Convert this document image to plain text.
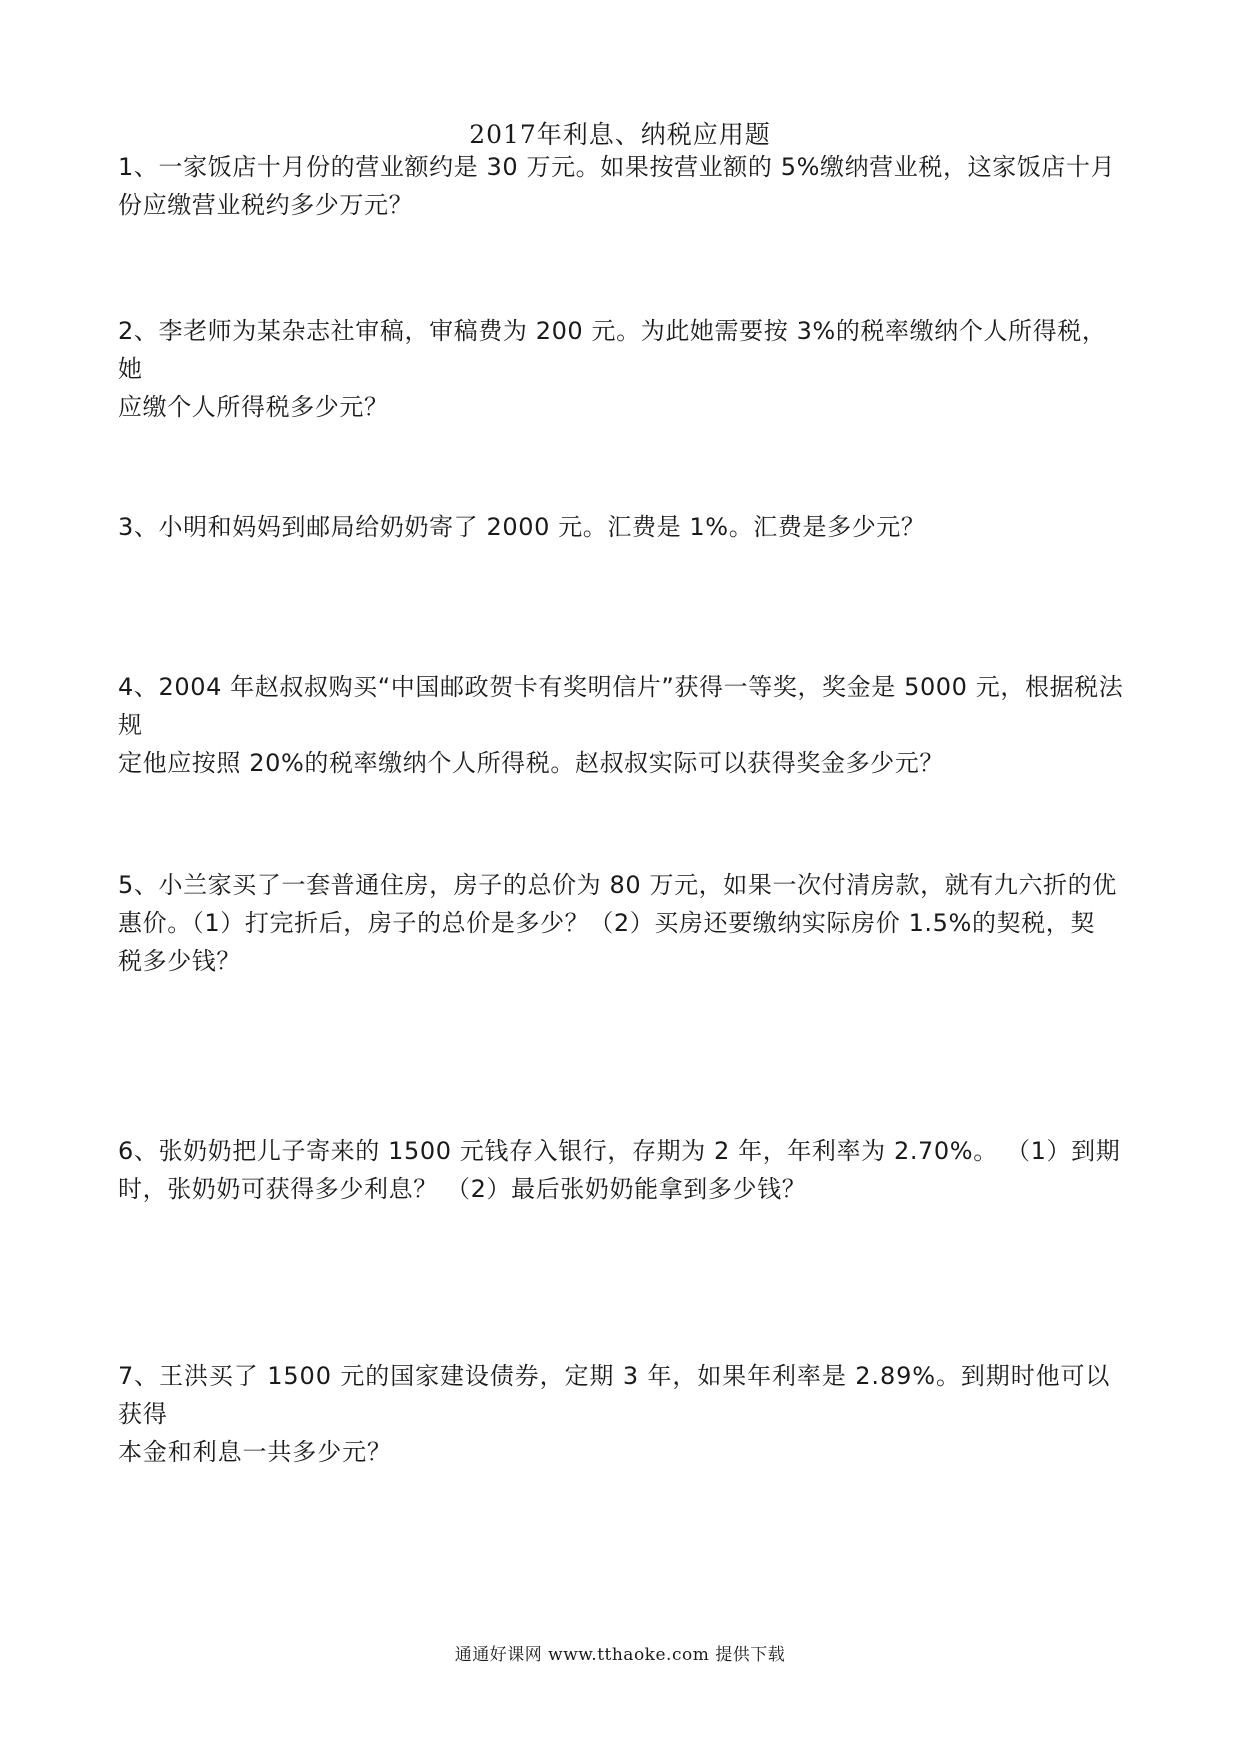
2017年利息、纳税应用题
1、一家饭店十月份的营业额约是 30 万元。如果按营业额的 5%缴纳营业税，这家饭店十月
份应缴营业税约多少万元？
2、李老师为某杂志社审稿，审稿费为 200 元。为此她需要按 3%的税率缴纳个人所得税，她
应缴个人所得税多少元？
3、小明和妈妈到邮局给奶奶寄了 2000 元。汇费是 1%。汇费是多少元？
4、2004 年赵叔叔购买“中国邮政贺卡有奖明信片”获得一等奖，奖金是 5000 元，根据税法规
定他应按照 20%的税率缴纳个人所得税。赵叔叔实际可以获得奖金多少元？
5、小兰家买了一套普通住房，房子的总价为 80 万元，如果一次付清房款，就有九六折的优
惠价。（1）打完折后，房子的总价是多少？（2）买房还要缴纳实际房价 1.5%的契税，契
税多少钱？
6、张奶奶把儿子寄来的 1500 元钱存入银行，存期为 2 年，年利率为 2.70%。 （1）到期
时，张奶奶可获得多少利息？ （2）最后张奶奶能拿到多少钱？
7、王洪买了 1500 元的国家建设债券，定期 3 年，如果年利率是 2.89%。到期时他可以获得
本金和利息一共多少元？
通通好课网 www.tthaoke.com 提供下载
